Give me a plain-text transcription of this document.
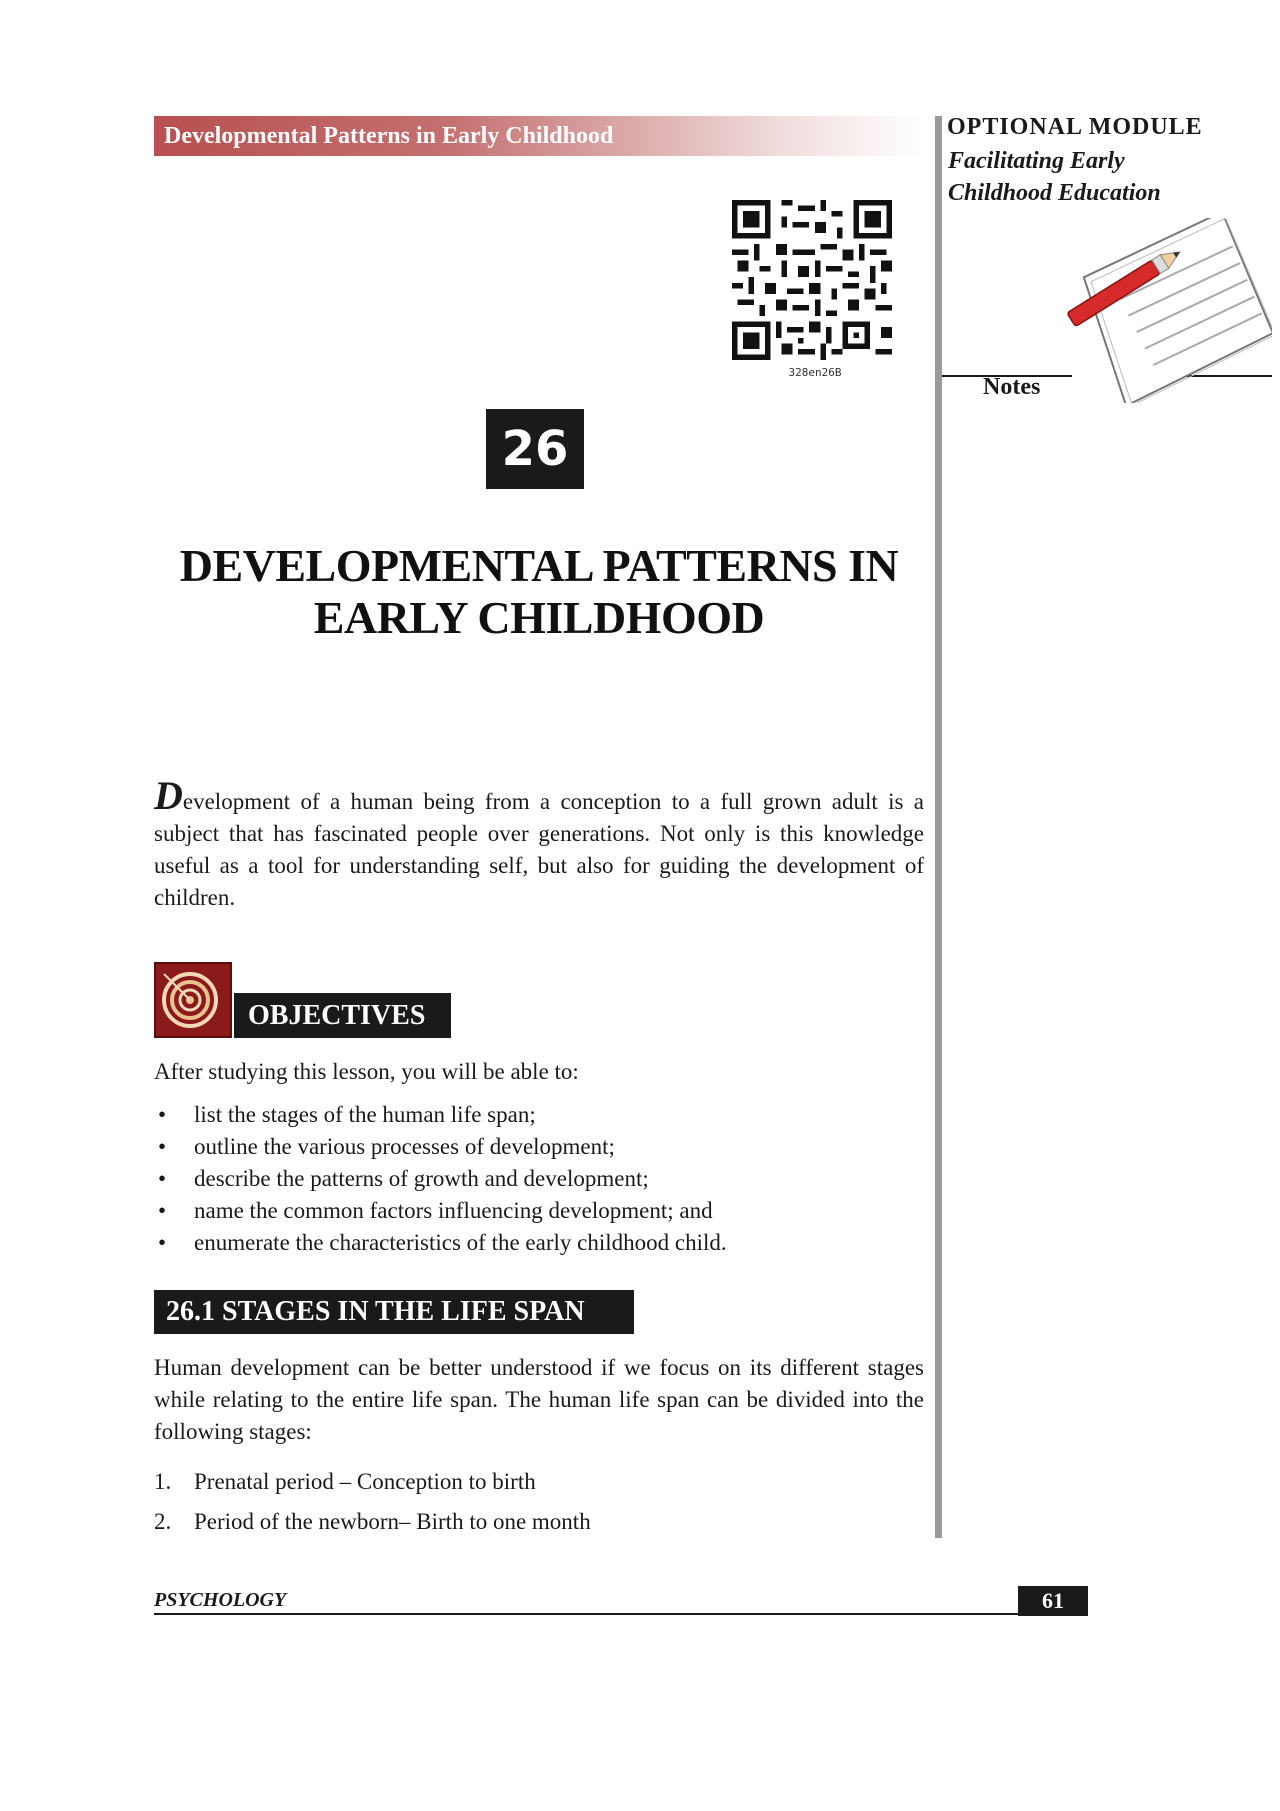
Developmental Patterns in Early Childhood
328en26B
26
DEVELOPMENTAL PATTERNS IN
EARLY CHILDHOOD

Development of a human being from a conception to a full grown adult is a subject that has fascinated people over generations. Not only is this knowledge useful as a tool for understanding self, but also for guiding the development of children.

OBJECTIVES

After studying this lesson, you will be able to:

• list the stages of the human life span;
• outline the various processes of development;
• describe the patterns of growth and development;
• name the common factors influencing development; and
• enumerate the characteristics of the early childhood child.
26.1 STAGES IN THE LIFE SPAN

Human development can be better understood if we focus on its different stages while relating to the entire life span. The human life span can be divided into the following stages:

1. Prenatal period – Conception to birth
2. Period of the newborn– Birth to one month
OPTIONAL MODULE
Facilitating Early
Childhood Education
Notes
PSYCHOLOGY	61
